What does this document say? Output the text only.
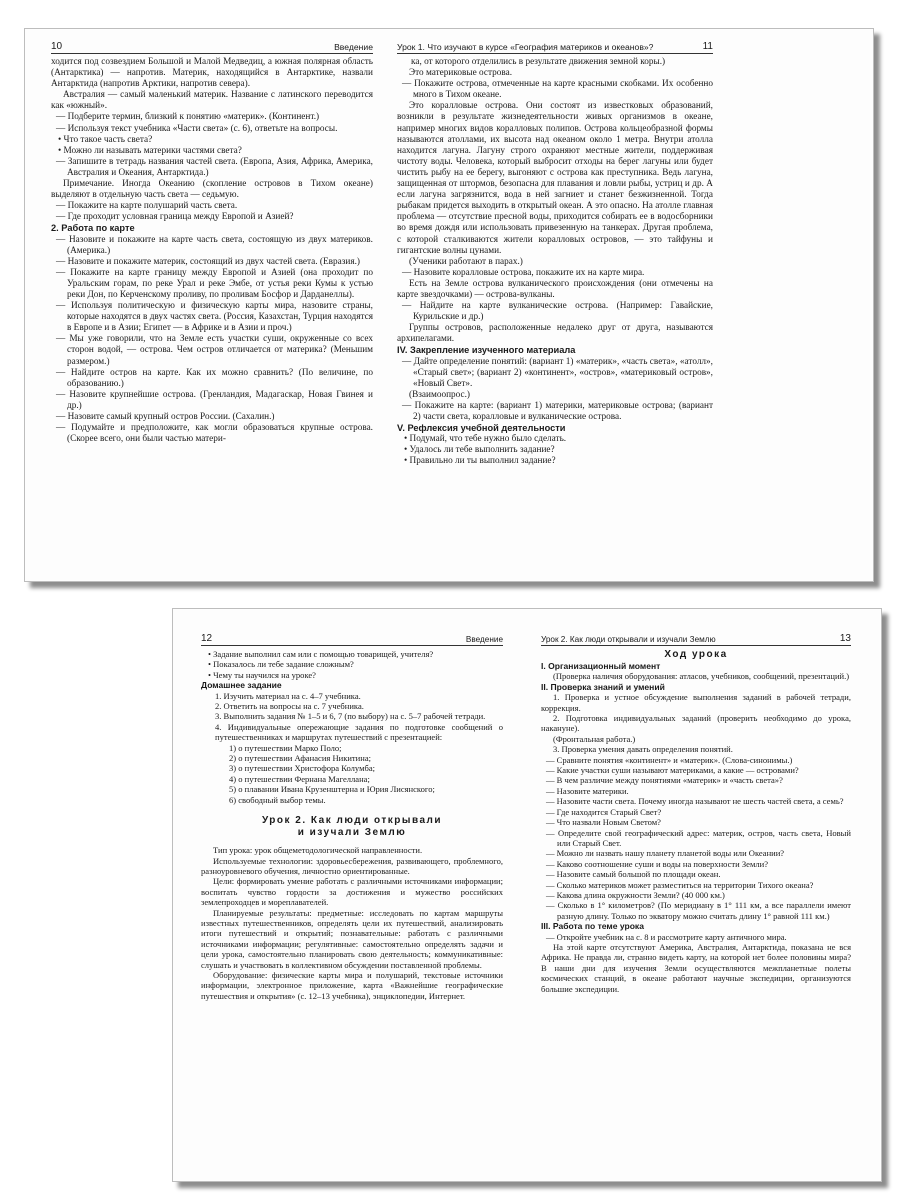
10	Введение
ходится под созвездием Большой и Малой Медведиц, а южная полярная область (Антарктика) — напротив. Материк, находящийся в Антарктике, назвали Антарктида (напротив Арктики, напротив севера).
Австралия — самый маленький материк. Название с латинского переводится как «южный».
— Подберите термин, близкий к понятию «материк». (Континент.)
— Используя текст учебника «Части света» (с. 6), ответьте на вопросы.
• Что такое часть света?
• Можно ли называть материки частями света?
— Запишите в тетрадь названия частей света. (Европа, Азия, Африка, Америка, Австралия и Океания, Антарктида.)
Примечание. Иногда Океанию (скопление островов в Тихом океане) выделяют в отдельную часть света — седьмую.
— Покажите на карте полушарий часть света.
— Где проходит условная граница между Европой и Азией?
2. Работа по карте
— Назовите и покажите на карте часть света, состоящую из двух материков. (Америка.)
— Назовите и покажите материк, состоящий из двух частей света. (Евразия.)
— Покажите на карте границу между Европой и Азией (она проходит по Уральским горам, по реке Урал и реке Эмбе, от устья реки Кумы к устью реки Дон, по Керченскому проливу, по проливам Босфор и Дарданеллы).
— Используя политическую и физическую карты мира, назовите страны, которые находятся в двух частях света. (Россия, Казахстан, Турция находятся в Европе и в Азии; Египет — в Африке и в Азии и проч.)
— Мы уже говорили, что на Земле есть участки суши, окруженные со всех сторон водой, — острова. Чем остров отличается от материка? (Меньшим размером.)
— Найдите остров на карте. Как их можно сравнить? (По величине, по образованию.)
— Назовите крупнейшие острова. (Гренландия, Мадагаскар, Новая Гвинея и др.)
— Назовите самый крупный остров России. (Сахалин.)
— Подумайте и предположите, как могли образоваться крупные острова. (Скорее всего, они были частью матери-
Урок 1. Что изучают в курсе «География материков и океанов»?	11
ка, от которого отделились в результате движения земной коры.)
Это материковые острова.
— Покажите острова, отмеченные на карте красными скобками. Их особенно много в Тихом океане.
Это коралловые острова. Они состоят из известковых образований, возникли в результате жизнедеятельности живых организмов в океане, например многих видов коралловых полипов. Острова кольцеобразной формы называются атоллами, их высота над океаном около 1 метра. Внутри атолла находится лагуна. Лагуну строго охраняют местные жители, поддерживая чистоту воды. Человека, который выбросит отходы на берег лагуны или будет чистить рыбу на ее берегу, выгоняют с острова как преступника. Ведь лагуна, защищенная от штормов, безопасна для плавания и ловли рыбы, устриц и др. А если лагуна загрязнится, вода в ней загниет и станет безжизненной. Тогда рыбакам придется выходить в открытый океан. А это опасно. На атолле главная проблема — отсутствие пресной воды, приходится собирать ее в водосборники во время дождя или использовать привезенную на танкерах. Другая проблема, с которой сталкиваются жители коралловых островов, — это тайфуны и гигантские волны цунами.
(Ученики работают в парах.)
— Назовите коралловые острова, покажите их на карте мира.
Есть на Земле острова вулканического происхождения (они отмечены на карте звездочками) — острова-вулканы.
— Найдите на карте вулканические острова. (Например: Гавайские, Курильские и др.)
Группы островов, расположенные недалеко друг от друга, называются архипелагами.
IV. Закрепление изученного материала
— Дайте определение понятий: (вариант 1) «материк», «часть света», «атолл», «Старый свет»; (вариант 2) «континент», «остров», «материковый остров», «Новый Свет».
(Взаимоопрос.)
— Покажите на карте: (вариант 1) материки, материковые острова; (вариант 2) части света, коралловые и вулканические острова.
V. Рефлексия учебной деятельности
• Подумай, что тебе нужно было сделать.
• Удалось ли тебе выполнить задание?
• Правильно ли ты выполнил задание?
12	Введение
• Задание выполнил сам или с помощью товарищей, учителя?
• Показалось ли тебе задание сложным?
• Чему ты научился на уроке?
Домашнее задание
1. Изучить материал на с. 4–7 учебника.
2. Ответить на вопросы на с. 7 учебника.
3. Выполнить задания № 1–5 и 6, 7 (по выбору) на с. 5–7 рабочей тетради.
4. Индивидуальные опережающие задания по подготовке сообщений о путешественниках и маршрутах путешествий с презентацией:
1) о путешествии Марко Поло;
2) о путешествии Афанасия Никитина;
3) о путешествии Христофора Колумба;
4) о путешествии Фернана Магеллана;
5) о плавании Ивана Крузенштерна и Юрия Лисянского;
6) свободный выбор темы.
Урок 2. Как люди открывали
и изучали Землю
Тип урока: урок общеметодологической направленности.
Используемые технологии: здоровьесбережения, развивающего, проблемного, разноуровневого обучения, личностно ориентированные.
Цели: формировать умение работать с различными источниками информации; воспитать чувство гордости за достижения и мужество российских землепроходцев и мореплавателей.
Планируемые результаты: предметные: исследовать по картам маршруты известных путешественников, определять цели их путешествий, анализировать итоги путешествий и открытий; познавательные: работать с различными источниками информации; регулятивные: самостоятельно определять задачи и цели урока, самостоятельно планировать свою деятельность; коммуникативные: слушать и участвовать в коллективном обсуждении поставленной проблемы.
Оборудование: физические карты мира и полушарий, текстовые источники информации, электронное приложение, карта «Важнейшие географические путешествия и открытия» (с. 12–13 учебника), энциклопедии, Интернет.
Урок 2. Как люди открывали и изучали Землю	13
Ход урока
I. Организационный момент
(Проверка наличия оборудования: атласов, учебников, сообщений, презентаций.)
II. Проверка знаний и умений
1. Проверка и устное обсуждение выполнения заданий в рабочей тетради, коррекция.
2. Подготовка индивидуальных заданий (проверить необходимо до урока, накануне).
(Фронтальная работа.)
3. Проверка умения давать определения понятий.
— Сравните понятия «континент» и «материк». (Слова-синонимы.)
— Какие участки суши называют материками, а какие — островами?
— В чем различие между понятиями «материк» и «часть света»?
— Назовите материки.
— Назовите части света. Почему иногда называют не шесть частей света, а семь?
— Где находится Старый Свет?
— Что назвали Новым Светом?
— Определите свой географический адрес: материк, остров, часть света, Новый или Старый Свет.
— Можно ли назвать нашу планету планетой воды или Океании?
— Каково соотношение суши и воды на поверхности Земли?
— Назовите самый большой по площади океан.
— Сколько материков может разместиться на территории Тихого океана?
— Какова длина окружности Земли? (40 000 км.)
— Сколько в 1° километров? (По меридиану в 1° 111 км, а все параллели имеют разную длину. Только по экватору можно считать длину 1° равной 111 км.)
III. Работа по теме урока
— Откройте учебник на с. 8 и рассмотрите карту античного мира.
На этой карте отсутствуют Америка, Австралия, Антарктида, показана не вся Африка. Не правда ли, странно видеть карту, на которой нет более половины мира? В наши дни для изучения Земли осуществляются межпланетные полеты космических станций, в океане работают научные экспедиции, организуются большие экспедиции.
